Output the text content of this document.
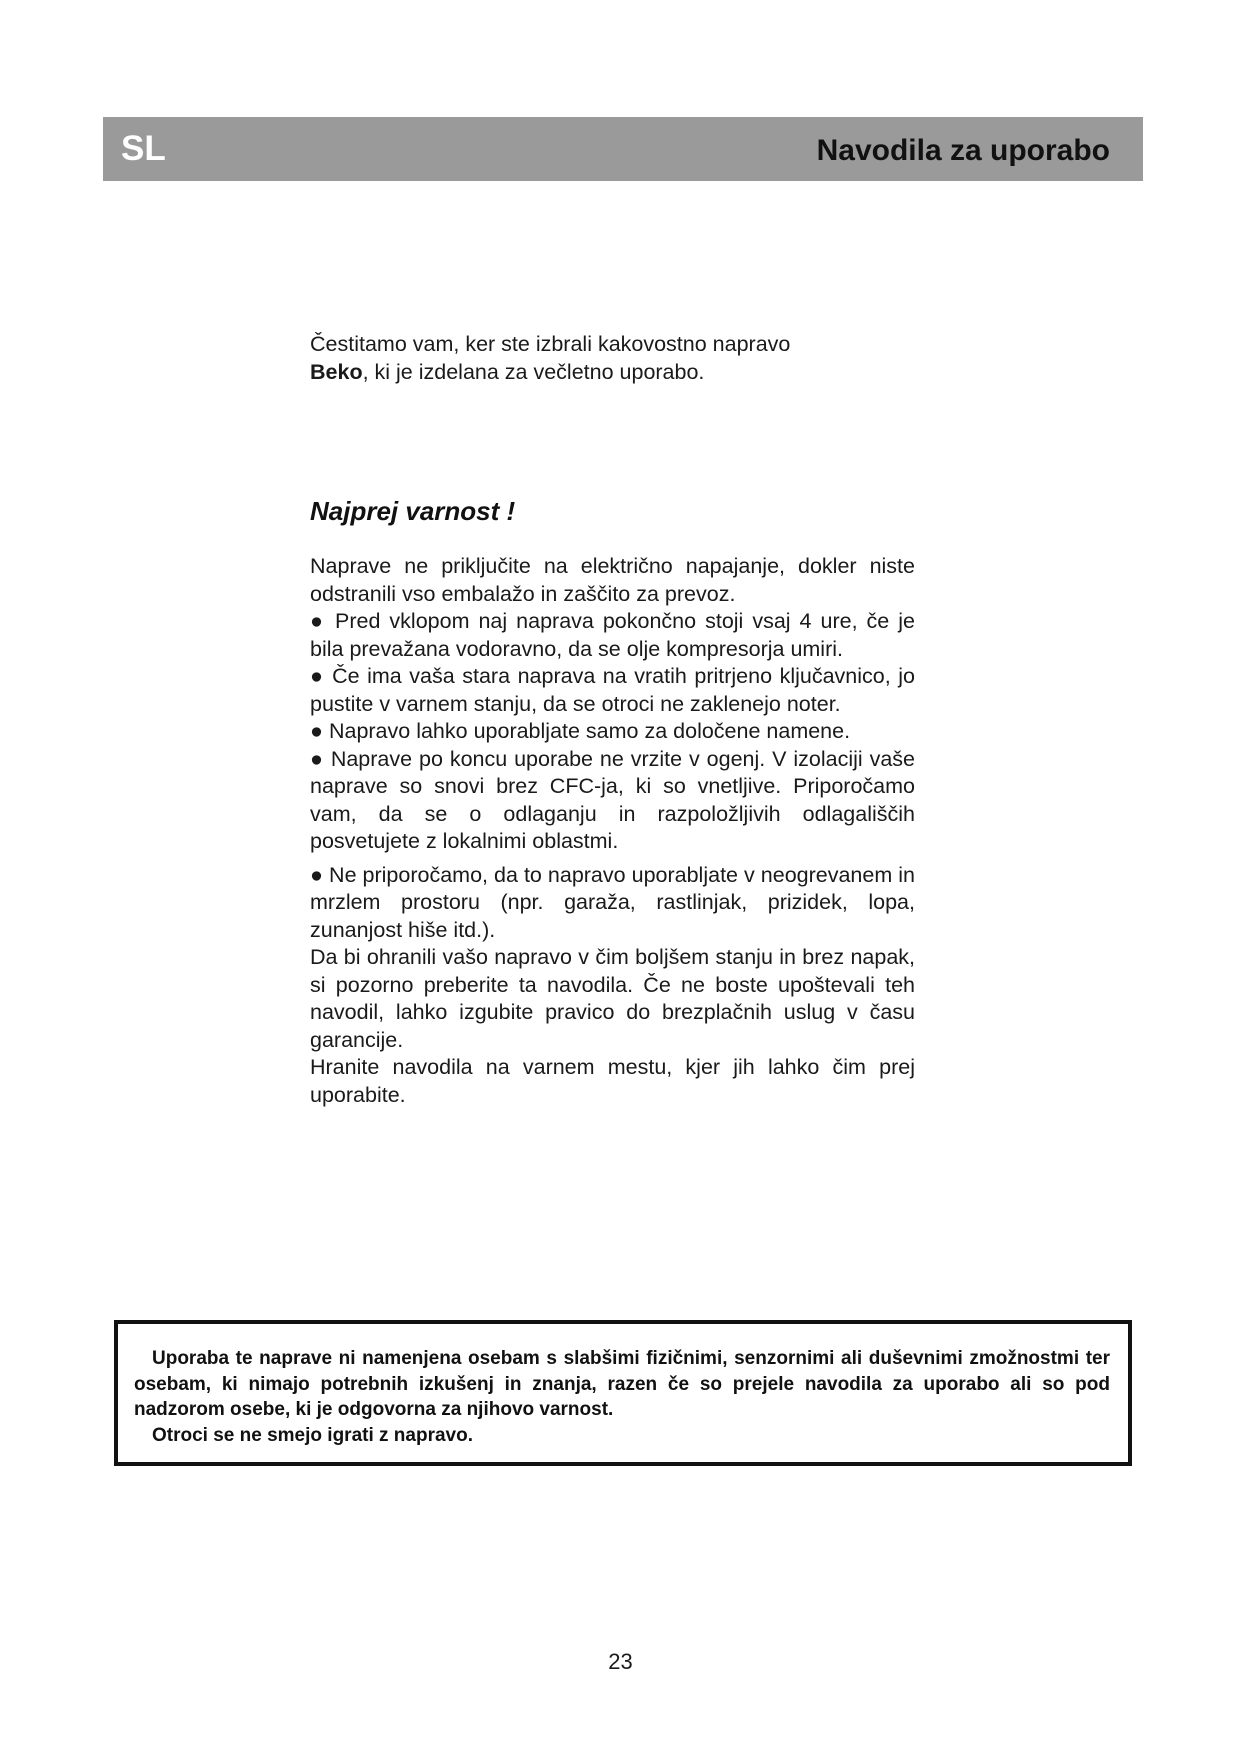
SL	Navodila za uporabo

Čestitamo vam, ker ste izbrali kakovostno napravo
Beko, ki je izdelana za večletno uporabo.

Najprej varnost !

Naprave ne priključite na električno napajanje, dokler niste odstranili vso embalažo in zaščito za prevoz.

● Pred vklopom naj naprava pokončno stoji vsaj 4 ure, če je bila prevažana vodoravno, da se olje kompresorja umiri.

● Če ima vaša stara naprava na vratih pritrjeno ključavnico, jo pustite v varnem stanju, da se otroci ne zaklenejo noter.

● Napravo lahko uporabljate samo za določene namene.

● Naprave po koncu uporabe ne vrzite v ogenj. V izolaciji vaše naprave so snovi brez CFC-ja, ki so vnetljive. Priporočamo vam, da se o odlaganju in razpoložljivih odlagališčih posvetujete z lokalnimi oblastmi.

● Ne priporočamo, da to napravo uporabljate v neogrevanem in mrzlem prostoru (npr. garaža, rastlinjak, prizidek, lopa, zunanjost hiše itd.).

Da bi ohranili vašo napravo v čim boljšem stanju in brez napak, si pozorno preberite ta navodila. Če ne boste upoštevali teh navodil, lahko izgubite pravico do brezplačnih uslug v času garancije.

Hranite navodila na varnem mestu, kjer jih lahko čim prej uporabite.

Uporaba te naprave ni namenjena osebam s slabšimi fizičnimi, senzornimi ali duševnimi zmožnostmi ter osebam, ki nimajo potrebnih izkušenj in znanja, razen če so prejele navodila za uporabo ali so pod nadzorom osebe, ki je odgovorna za njihovo varnost.

Otroci se ne smejo igrati z napravo.

23
